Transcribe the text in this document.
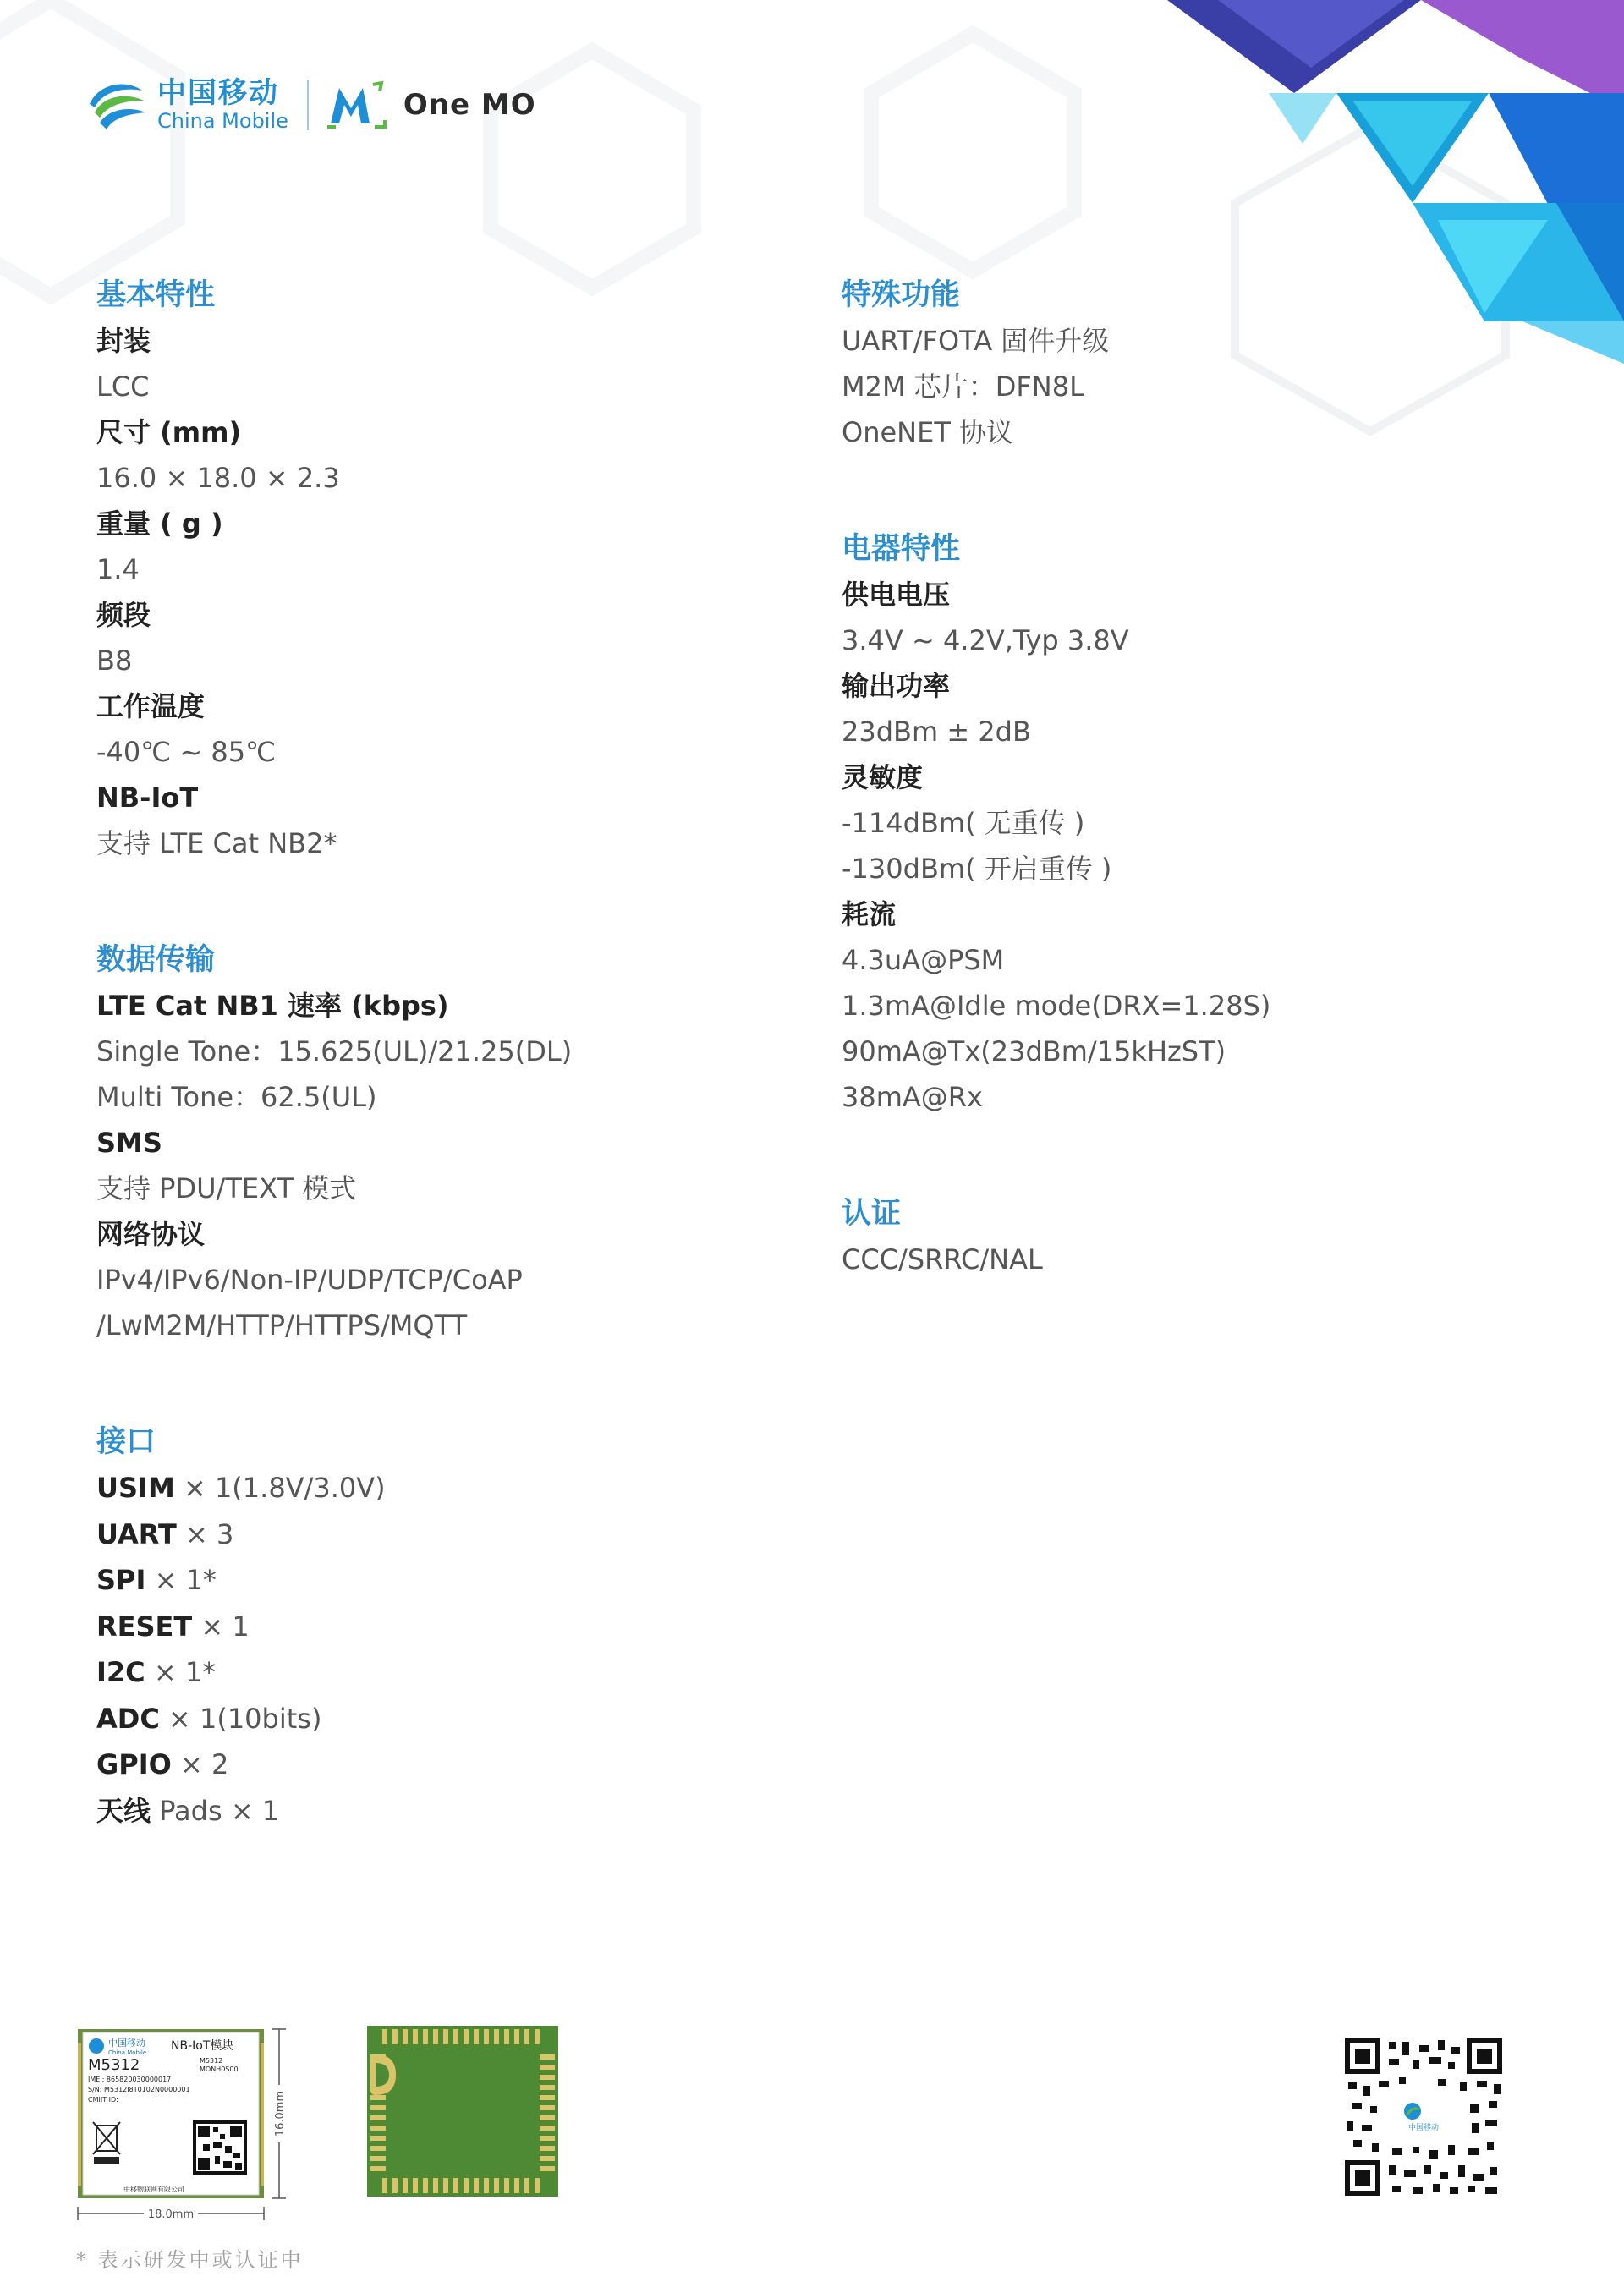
中国移动
China Mobile	One MO
基本特性
封装
LCC
尺寸 (mm)
16.0 × 18.0 × 2.3
重量 ( g )
1.4
频段
B8
工作温度
-40℃ ~ 85℃
NB-IoT
支持 LTE Cat NB2*
数据传输
LTE Cat NB1 速率 (kbps)
Single Tone：15.625(UL)/21.25(DL)
Multi Tone：62.5(UL)
SMS
支持 PDU/TEXT 模式
网络协议
IPv4/IPv6/Non-IP/UDP/TCP/CoAP
/LwM2M/HTTP/HTTPS/MQTT
接口
USIM × 1(1.8V/3.0V)
UART × 3
SPI × 1*
RESET × 1
I2C × 1*
ADC × 1(10bits)
GPIO × 2
天线 Pads × 1
特殊功能
UART/FOTA 固件升级
M2M 芯片：DFN8L
OneNET 协议
电器特性
供电电压
3.4V ~ 4.2V,Typ 3.8V
输出功率
23dBm ± 2dB
灵敏度
-114dBm( 无重传 )
-130dBm( 开启重传 )
耗流
4.3uA@PSM
1.3mA@Idle mode(DRX=1.28S)
90mA@Tx(23dBm/15kHzST)
38mA@Rx
认证
CCC/SRRC/NAL
中国移动
China Mobile NB-IoT模块
M5312	M5312
MONH0S00
IMEI: 865820030000017
S/N: M5312I8T0102N0000001
CMIIT ID:
中移物联网有限公司
18.0mm
16.0mm	中国移动
* 表示研发中或认证中
